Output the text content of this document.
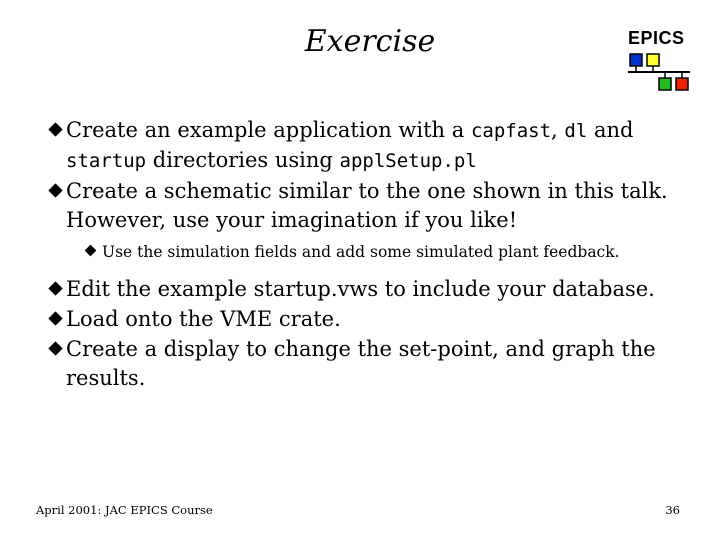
Exercise	EPICS
Create an example application with a capfast, dl and startup directories using applSetup.pl
Create a schematic similar to the one shown in this talk. However, use your imagination if you like!
Use the simulation fields and add some simulated plant feedback.
Edit the example startup.vws to include your database.
Load onto the VME crate.
Create a display to change the set-point, and graph the results.
April 2001: JAC EPICS Course	36
